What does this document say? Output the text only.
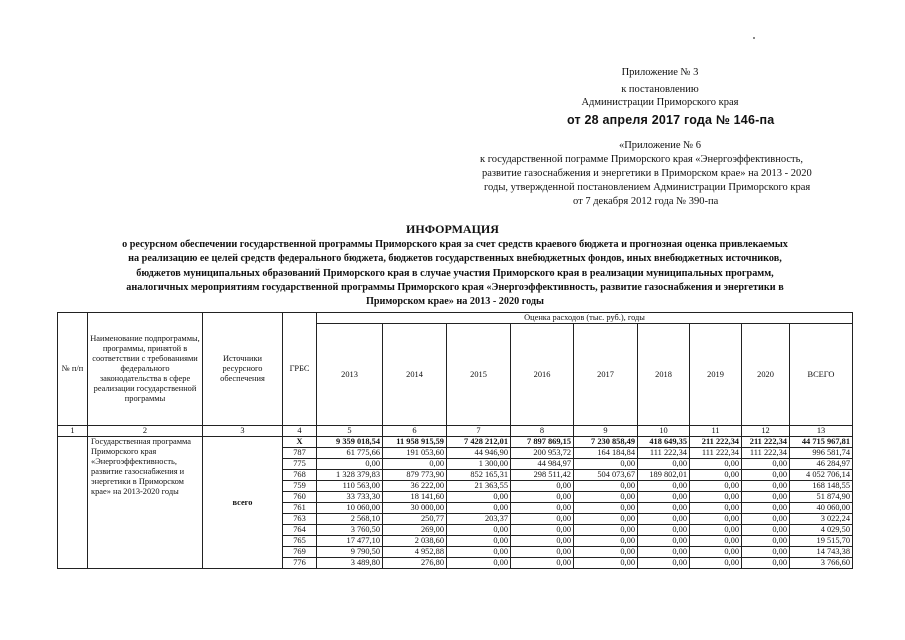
Приложение № 3
к постановлению
Администрации Приморского края
от 28 апреля 2017 года № 146-па
«Приложение № 6
к государственной пограмме Приморского края «Энергоэффективность,
развитие газоснабжения и энергетики в Приморском крае» на 2013 - 2020
годы, утвержденной постановлением Администрации Приморского края
от 7 декабря 2012 года № 390-па
ИНФОРМАЦИЯ
о ресурсном обеспечении государственной программы Приморского края за счет средств краевого бюджета и прогнозная оценка привлекаемых
на реализацию ее целей средств федерального бюджета, бюджетов государственных внебюджетных фондов, иных внебюджетных источников,
бюджетов муниципальных образований Приморского края в случае участия Приморского края в реализации муниципальных программ,
аналогичных мероприятиям государственной программы Приморского края «Энергоэффективность, развитие газоснабжения и энергетики в
Приморском крае» на 2013 - 2020 годы
№ п/п	Наименование подпрограммы, программы, принятой в соответствии с требованиями федерального законодательства в сфере реализации государственной программы	Источники ресурсного обеспечения	ГРБС	Оценка расходов (тыс. руб.), годы								
				2013	2014	2015	2016	2017	2018	2019	2020	ВСЕГО
1	2	3	4	5	6	7	8	9	10	11	12	13
	Государственная программа Приморского края «Энергоэффективность, развитие газоснабжения и энергетики в Приморском крае» на 2013-2020 годы	всего	Х	9 359 018,54	11 958 915,59	7 428 212,01	7 897 869,15	7 230 858,49	418 649,35	211 222,34	211 222,34	44 715 967,81
			787	61 775,66	191 053,60	44 946,90	200 953,72	164 184,84	111 222,34	111 222,34	111 222,34	996 581,74
			775	0,00	0,00	1 300,00	44 984,97	0,00	0,00	0,00	0,00	46 284,97
			768	1 328 379,83	879 773,90	852 165,31	298 511,42	504 073,67	189 802,01	0,00	0,00	4 052 706,14
			759	110 563,00	36 222,00	21 363,55	0,00	0,00	0,00	0,00	0,00	168 148,55
			760	33 733,30	18 141,60	0,00	0,00	0,00	0,00	0,00	0,00	51 874,90
			761	10 060,00	30 000,00	0,00	0,00	0,00	0,00	0,00	0,00	40 060,00
			763	2 568,10	250,77	203,37	0,00	0,00	0,00	0,00	0,00	3 022,24
			764	3 760,50	269,00	0,00	0,00	0,00	0,00	0,00	0,00	4 029,50
			765	17 477,10	2 038,60	0,00	0,00	0,00	0,00	0,00	0,00	19 515,70
			769	9 790,50	4 952,88	0,00	0,00	0,00	0,00	0,00	0,00	14 743,38
			776	3 489,80	276,80	0,00	0,00	0,00	0,00	0,00	0,00	3 766,60
